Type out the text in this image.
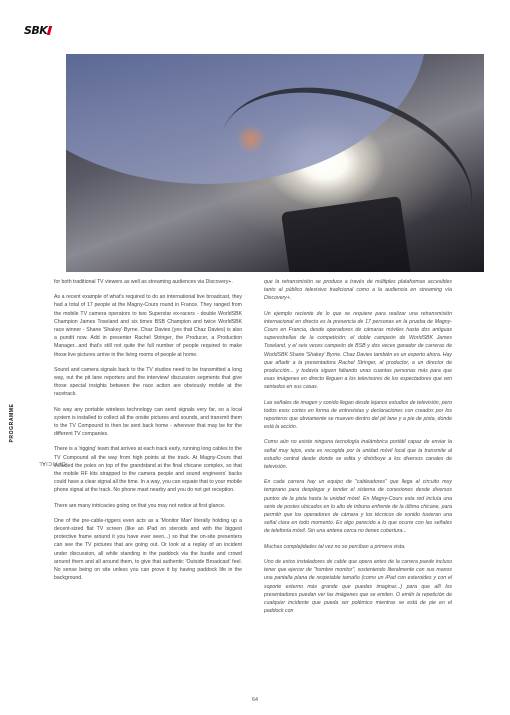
SBK
OFFICIAL
PROGRAMME

for both traditional TV viewers as well as streaming audiences via Discovery+.

As a recent example of what's required to do an international live broadcast, they had a total of 17 people at the Magny-Cours round in France. They ranged from the mobile TV camera operators to two Superstar ex-racers - double WorldSBK Champion James Toseland and six times BSB Champion and twice WorldSBK race winner - Shane 'Shakey' Byrne. Chaz Davies (yes that Chaz Davies) is also a pundit now. Add in presenter Rachel Stringer, the Producer, a Production Manager...and that's still not quite the full number of people required to make those live pictures arrive in the living rooms of people at home.

Sound and camera signals back to the TV studios need to be transmitted a long way, out the pit lane reporters and the interview/ discussion segments that give those special insights between the race action are obviously mobile at the racetrack.

No way any portable wireless technology can send signals very far, so a local system is installed to collect all the onsite pictures and sounds, and transmit them to the TV Compound to then be sent back home - wherever that may be for the different TV companies.

There is a 'rigging' team that arrives at each track early, running long cables to the TV Compound all the way from high points at the track. At Magny-Cours that included the poles on top of the grandstand at the final chicane complex, so that the mobile RF kits strapped to the camera people and sound engineers' backs could have a clear signal all the time. In a way, you can equate that to your mobile phone signal at the track. No phone mast nearby and you do not get reception.

There are many intricacies going on that you may not notice at first glance.

One of the pre-cable-riggers even acts as a 'Monitor Man' literally holding up a decent-sized flat TV screen (like an iPad on steroids and with the biggest protective frame around it you have ever seen...) so that the on-site presenters can see the TV pictures that are going out. Or look at a replay of an incident under discussion, all while standing in the paddock via the bustle and crowd around them and all around them, to give that authentic 'Outside Broadcast' feel. No sense being on site unless you can prove it by having paddock life in the background.

que la retransmisión se produce a través de múltiples plataformas accesibles tanto al público televisivo tradicional como a la audiencia en streaming vía Discovery+.

Un ejemplo reciente de lo que se requiere para realizar una retransmisión internacional en directo es la presencia de 17 personas en la prueba de Magny-Cours en Francia, desde operadores de cámaras móviles hasta dos antiguas superestrellas de la competición: el doble campeón de WorldSBK James Toseland, y el seis veces campeón de BSB y dos veces ganador de carreras de WorldSBK Shane 'Shakey' Byrne. Chaz Davies también es un experto ahora. Hay que añadir a la presentadora Rachel Stringer, al productor, a un director de producción... y todavía siguen faltando unas cuantas personas más para que esas imágenes en directo lleguen a los televisores de los espectadores que ven sentados en sus casas.

Las señales de imagen y sonido llegan desde lejanos estudios de televisión, pero todos esos cortes en forma de entrevistas y declaraciones con creados por los reporteros que obviamente se mueven dentro del pit lane y a pie de pista, donde está la acción.

Como aún no existe ninguna tecnología inalámbrica portátil capaz de enviar la señal muy lejos, esta es recogida por la unidad móvil local que la transmite al estudio central desde donde se edita y distribuye a los diversos canales de televisión.

En cada carrera hay un equipo de "cableadores" que llega al circuito muy temprano para desplegar y tender el sistema de conexiones desde diversos puntos de la pista hasta la unidad móvil. En Magny-Cours esta red incluía una serie de postes ubicados en lo alto de tribuna enfrente de la última chicane, para permitir que los operadores de cámara y los técnicos de sonido tuvieran una señal clara en todo momento. Es algo parecido a lo que ocurre con las señales de telefonía móvil. Sin una antena cerca no tienes cobertura...

Muchas complejidades tal vez no se perciban a primera vista.

Uno de estos instaladores de cable que opera antes de la carrera puede incluso tener que ejercer de "hombre monitor", sosteniendo literalmente con sus manos una pantalla plana de respetable tamaño (como un iPad con esteroides y con el soporte externo más grande que puedas imaginar...) para que allí los presentadores puedan ver las imágenes que se emiten. O emitir la repetición de cualquier incidente que pueda ser polémico mientras se está de pie en el paddock con

64
